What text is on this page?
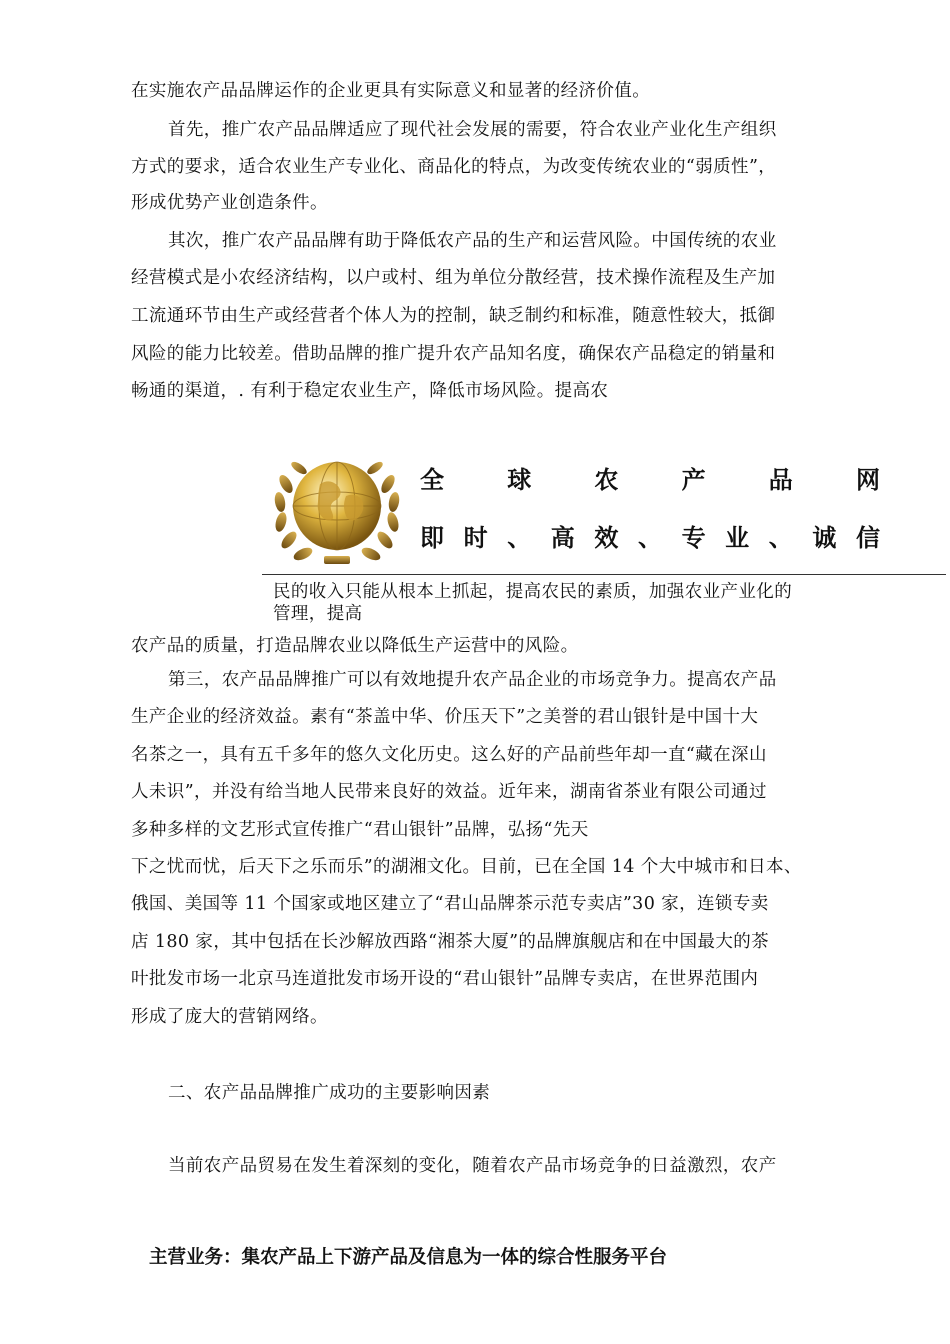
在实施农产品品牌运作的企业更具有实际意义和显著的经济价值。
首先，推广农产品品牌适应了现代社会发展的需要，符合农业产业化生产组织
方式的要求，适合农业生产专业化、商品化的特点，为改变传统农业的“弱质性”，
形成优势产业创造条件。
其次，推广农产品品牌有助于降低农产品的生产和运营风险。中国传统的农业
经营模式是小农经济结构，以户或村、组为单位分散经营，技术操作流程及生产加
工流通环节由生产或经营者个体人为的控制，缺乏制约和标准，随意性较大，抵御
风险的能力比较差。借助品牌的推广提升农产品知名度，确保农产品稳定的销量和
畅通的渠道，. 有利于稳定农业生产，降低市场风险。提高农
全	球	农	产	品	网
即 时 、 高 效 、 专 业 、 诚 信
民的收入只能从根本上抓起，提高农民的素质，加强农业产业化的
管理，提高
农产品的质量，打造品牌农业以降低生产运营中的风险。
第三，农产品品牌推广可以有效地提升农产品企业的市场竞争力。提高农产品
生产企业的经济效益。素有“茶盖中华、价压天下”之美誉的君山银针是中国十大
名茶之一，具有五千多年的悠久文化历史。这么好的产品前些年却一直“藏在深山
人未识”，并没有给当地人民带来良好的效益。近年来，湖南省茶业有限公司通过
多种多样的文艺形式宣传推广“君山银针”品牌，弘扬“先天
下之忧而忧，后天下之乐而乐”的湖湘文化。目前，已在全国 14 个大中城市和日本、
俄国、美国等 11 个国家或地区建立了“君山品牌茶示范专卖店”30 家，连锁专卖
店 180 家，其中包括在长沙解放西路“湘茶大厦”的品牌旗舰店和在中国最大的茶
叶批发市场一北京马连道批发市场开设的“君山银针”品牌专卖店，在世界范围内
形成了庞大的营销网络。
二、农产品品牌推广成功的主要影响因素
当前农产品贸易在发生着深刻的变化，随着农产品市场竞争的日益激烈，农产
主营业务：集农产品上下游产品及信息为一体的综合性服务平台
